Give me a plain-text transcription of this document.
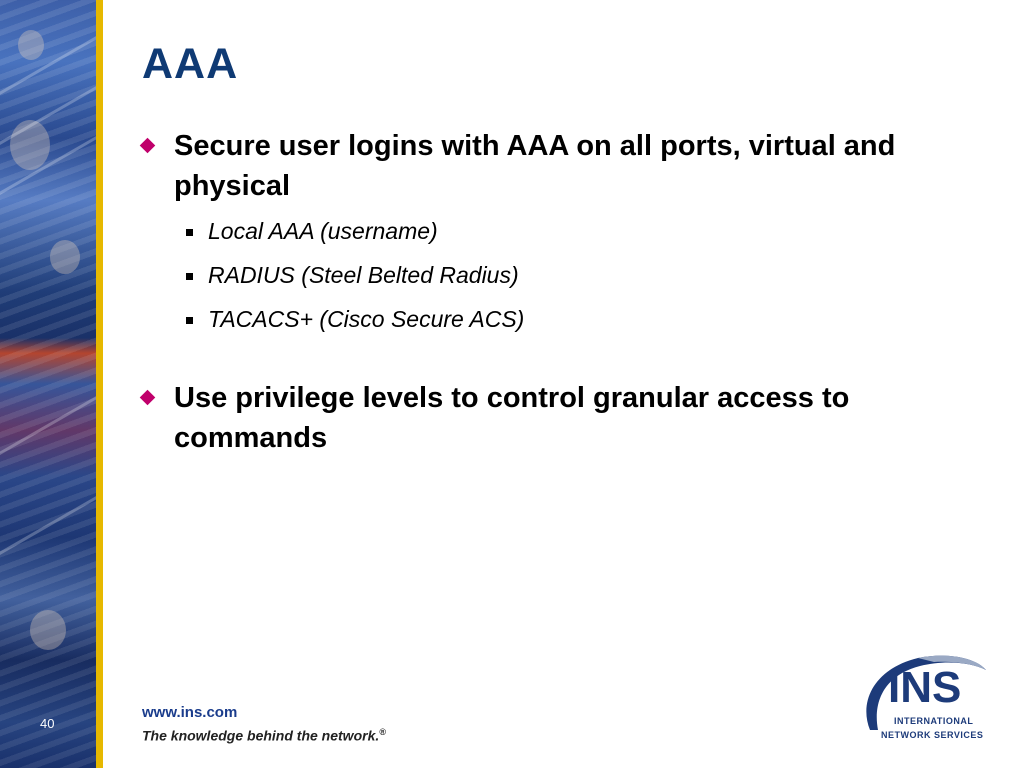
40
AAA
Secure user logins with AAA on all ports, virtual and physical
Local AAA (username)
RADIUS (Steel Belted Radius)
TACACS+ (Cisco Secure ACS)
Use privilege levels to control granular access to commands
www.ins.com
The knowledge behind the network.®
INS
INTERNATIONAL
NETWORK SERVICES
